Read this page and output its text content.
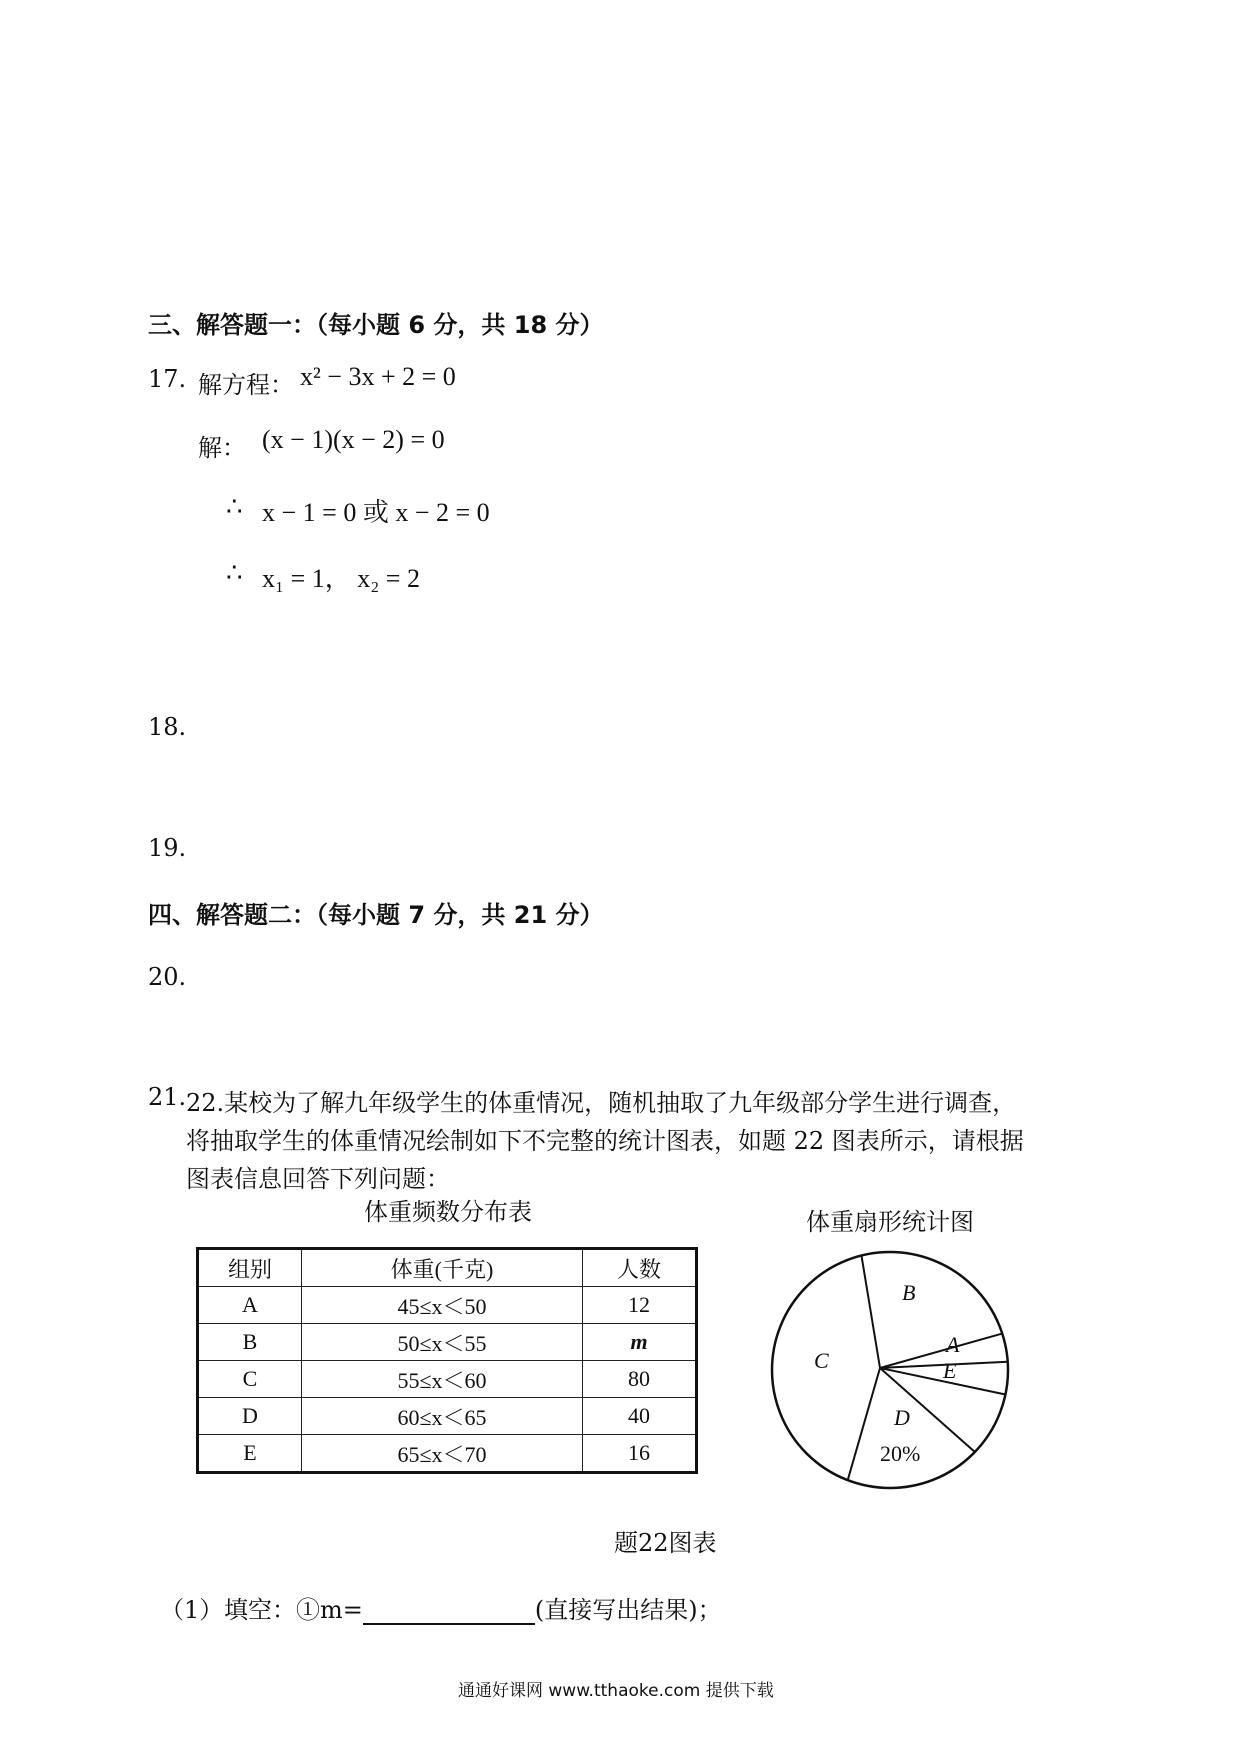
三、解答题一：（每小题 6 分，共 18 分）
17. 解方程： x² − 3x + 2 = 0
解： (x − 1)(x − 2) = 0
∴ x − 1 = 0 或 x − 2 = 0
∴ x₁ = 1， x₂ = 2
18.
19.
四、解答题二：（每小题 7 分，共 21 分）
20.
21. 22.某校为了解九年级学生的体重情况，随机抽取了九年级部分学生进行调查，
将抽取学生的体重情况绘制如下不完整的统计图表，如题 22 图表所示，请根据
图表信息回答下列问题：
体重频数分布表
组别	体重(千克)	人数
A	45≤x＜50	12
B	50≤x＜55	m
C	55≤x＜60	80
D	60≤x＜65	40
E	65≤x＜70	16
体重扇形统计图
B
A
E
D
20%
C
题22图表
（1） 填空：①m=	(直接写出结果)；
通通好课网 www.tthaoke.com 提供下载
